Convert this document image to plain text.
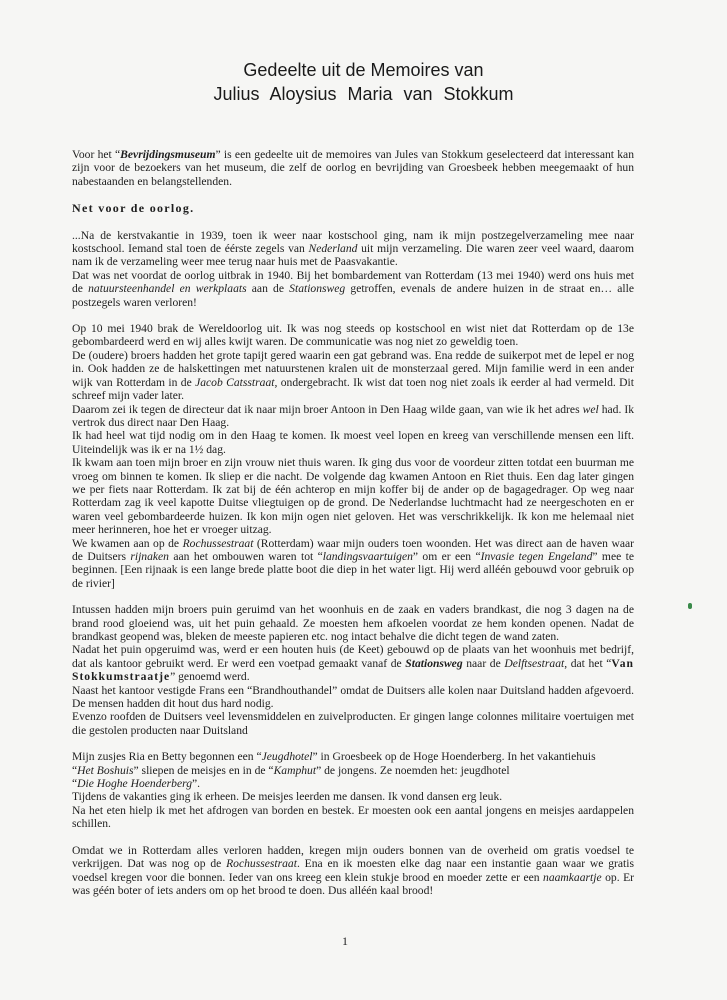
Gedeelte uit de Memoires van
Julius Aloysius Maria van Stokkum

Voor het “Bevrijdingsmuseum” is een gedeelte uit de memoires van Jules van Stokkum geselecteerd dat interessant kan zijn voor de bezoekers van het museum, die zelf de oorlog en bevrijding van Groesbeek hebben meegemaakt of hun nabestaanden en belangstellenden.

Net voor de oorlog.

...Na de kerstvakantie in 1939, toen ik weer naar kostschool ging, nam ik mijn postzegelverzameling mee naar kostschool. Iemand stal toen de éérste zegels van Nederland uit mijn verzameling. Die waren zeer veel waard, daarom nam ik de verzameling weer mee terug naar huis met de Paasvakantie.

Dat was net voordat de oorlog uitbrak in 1940. Bij het bombardement van Rotterdam (13 mei 1940) werd ons huis met de natuursteenhandel en werkplaats aan de Stationsweg getroffen, evenals de andere huizen in de straat en… alle postzegels waren verloren!

Op 10 mei 1940 brak de Wereldoorlog uit. Ik was nog steeds op kostschool en wist niet dat Rotterdam op de 13e gebombardeerd werd en wij alles kwijt waren. De communicatie was nog niet zo geweldig toen.

De (oudere) broers hadden het grote tapijt gered waarin een gat gebrand was. Ena redde de suikerpot met de lepel er nog in. Ook hadden ze de halskettingen met natuurstenen kralen uit de monsterzaal gered. Mijn familie werd in een ander wijk van Rotterdam in de Jacob Catsstraat, ondergebracht. Ik wist dat toen nog niet zoals ik eerder al had vermeld. Dit schreef mijn vader later.

Daarom zei ik tegen de directeur dat ik naar mijn broer Antoon in Den Haag wilde gaan, van wie ik het adres wel had. Ik vertrok dus direct naar Den Haag.

Ik had heel wat tijd nodig om in den Haag te komen. Ik moest veel lopen en kreeg van verschillende mensen een lift. Uiteindelijk was ik er na 1½ dag.

Ik kwam aan toen mijn broer en zijn vrouw niet thuis waren. Ik ging dus voor de voordeur zitten totdat een buurman me vroeg om binnen te komen. Ik sliep er die nacht. De volgende dag kwamen Antoon en Riet thuis. Een dag later gingen we per fiets naar Rotterdam. Ik zat bij de één achterop en mijn koffer bij de ander op de bagagedrager. Op weg naar Rotterdam zag ik veel kapotte Duitse vliegtuigen op de grond. De Nederlandse luchtmacht had ze neergeschoten en er waren veel gebombardeerde huizen. Ik kon mijn ogen niet geloven. Het was verschrikkelijk. Ik kon me helemaal niet meer herinneren, hoe het er vroeger uitzag.

We kwamen aan op de Rochussestraat (Rotterdam) waar mijn ouders toen woonden. Het was direct aan de haven waar de Duitsers rijnaken aan het ombouwen waren tot “landingsvaartuigen” om er een “Invasie tegen Engeland” mee te beginnen. [Een rijnaak is een lange brede platte boot die diep in het water ligt. Hij werd alléén gebouwd voor gebruik op de rivier]

Intussen hadden mijn broers puin geruimd van het woonhuis en de zaak en vaders brandkast, die nog 3 dagen na de brand rood gloeiend was, uit het puin gehaald. Ze moesten hem afkoelen voordat ze hem konden openen. Nadat de brandkast geopend was, bleken de meeste papieren etc. nog intact behalve die dicht tegen de wand zaten.

Nadat het puin opgeruimd was, werd er een houten huis (de Keet) gebouwd op de plaats van het woonhuis met bedrijf, dat als kantoor gebruikt werd. Er werd een voetpad gemaakt vanaf de Stationsweg naar de Delftsestraat, dat het “Van Stokkumstraatje” genoemd werd.

Naast het kantoor vestigde Frans een “Brandhouthandel” omdat de Duitsers alle kolen naar Duitsland hadden afgevoerd. De mensen hadden dit hout dus hard nodig.

Evenzo roofden de Duitsers veel levensmiddelen en zuivelproducten. Er gingen lange colonnes militaire voertuigen met die gestolen producten naar Duitsland

Mijn zusjes Ria en Betty begonnen een “Jeugdhotel” in Groesbeek op de Hoge Hoenderberg. In het vakantiehuis

“Het Boshuis” sliepen de meisjes en in de “Kamphut” de jongens. Ze noemden het: jeugdhotel

“Die Hoghe Hoenderberg”.

Tijdens de vakanties ging ik erheen. De meisjes leerden me dansen. Ik vond dansen erg leuk.

Na het eten hielp ik met het afdrogen van borden en bestek. Er moesten ook een aantal jongens en meisjes aardappelen schillen.

Omdat we in Rotterdam alles verloren hadden, kregen mijn ouders bonnen van de overheid om gratis voedsel te verkrijgen. Dat was nog op de Rochussestraat. Ena en ik moesten elke dag naar een instantie gaan waar we gratis voedsel kregen voor die bonnen. Ieder van ons kreeg een klein stukje brood en moeder zette er een naamkaartje op. Er was géén boter of iets anders om op het brood te doen. Dus alléén kaal brood!

1
